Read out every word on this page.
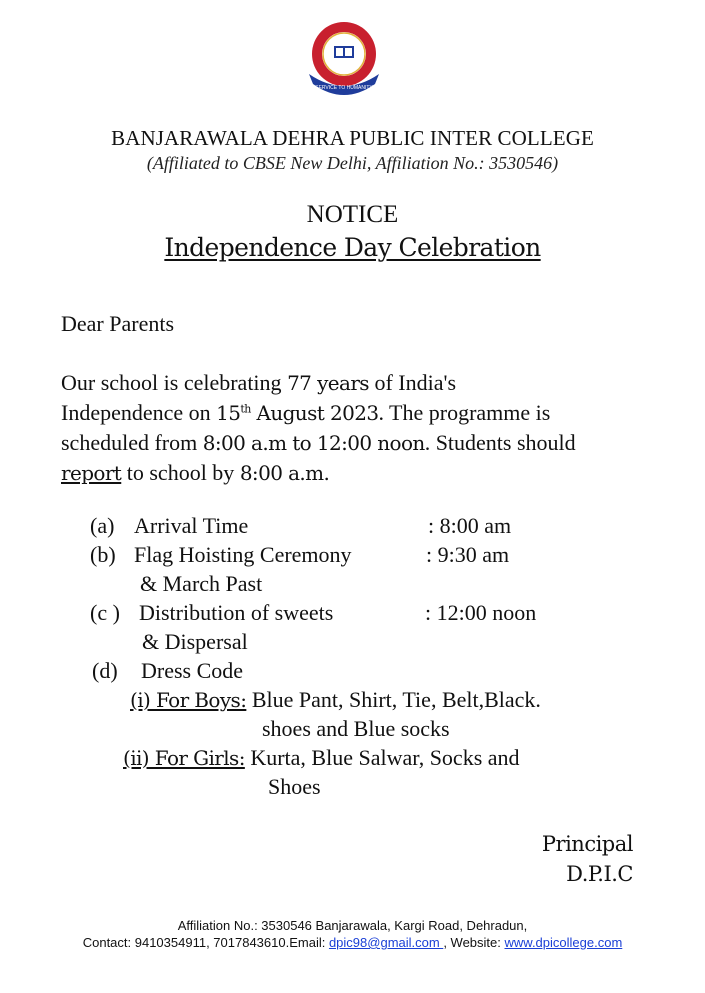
SERVICE TO HUMANITY
BANJARAWALA DEHRA PUBLIC INTER COLLEGE
(Affiliated to CBSE New Delhi, Affiliation No.: 3530546)
NOTICE
Independence Day Celebration
Dear Parents
Our school is celebrating 77 years of India's
Independence on 15th August 2023. The programme is
scheduled from 8:00 a.m to 12:00 noon. Students should
report to school by 8:00 a.m.
(a) Arrival Time	: 8:00 am
(b) Flag Hoisting Ceremony	: 9:30 am
& March Past
(c ) Distribution of sweets	: 12:00 noon
& Dispersal
(d) Dress Code
(i) For Boys: Blue Pant, Shirt, Tie, Belt,Black.
shoes and Blue socks
(ii) For Girls: Kurta, Blue Salwar, Socks and
Shoes
Principal
D.P.I.C
Affiliation No.: 3530546 Banjarawala, Kargi Road, Dehradun,
Contact: 9410354911, 7017843610.Email: dpic98@gmail.com , Website: www.dpicollege.com
